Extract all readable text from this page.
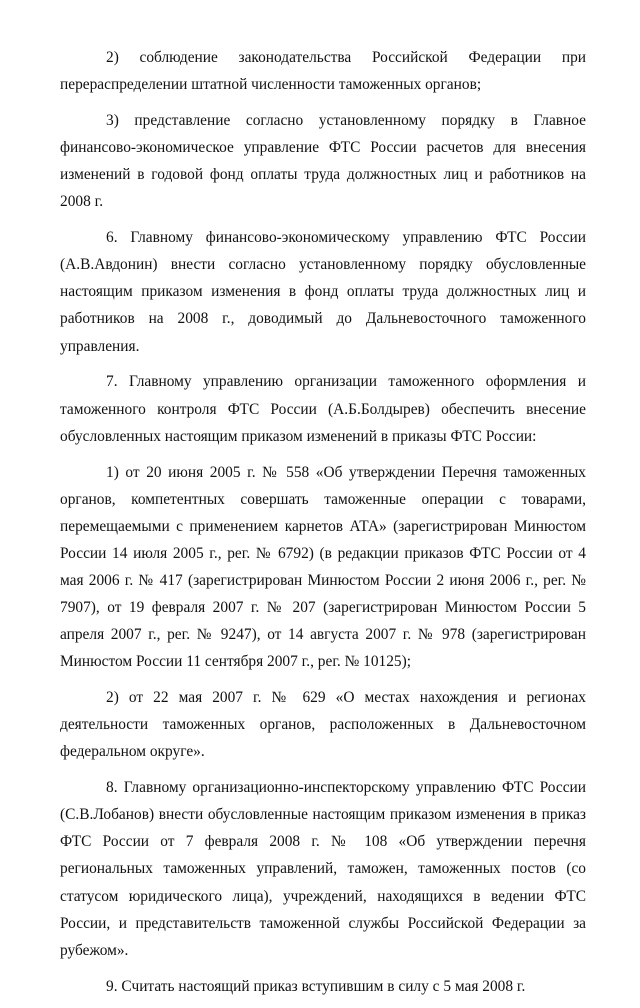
2) соблюдение законодательства Российской Федерации при перераспределении штатной численности таможенных органов;

3) представление согласно установленному порядку в Главное финансово-экономическое управление ФТС России расчетов для внесения изменений в годовой фонд оплаты труда должностных лиц и работников на 2008 г.

6. Главному финансово-экономическому управлению ФТС России (А.В.Авдонин) внести согласно установленному порядку обусловленные настоящим приказом изменения в фонд оплаты труда должностных лиц и работников на 2008 г., доводимый до Дальневосточного таможенного управления.

7. Главному управлению организации таможенного оформления и таможенного контроля ФТС России (А.Б.Болдырев) обеспечить внесение обусловленных настоящим приказом изменений в приказы ФТС России:

1) от 20 июня 2005 г. № 558 «Об утверждении Перечня таможенных органов, компетентных совершать таможенные операции с товарами, перемещаемыми с применением карнетов АТА» (зарегистрирован Минюстом России 14 июля 2005 г., рег. № 6792) (в редакции приказов ФТС России от 4 мая 2006 г. № 417 (зарегистрирован Минюстом России 2 июня 2006 г., рег. № 7907), от 19 февраля 2007 г. № 207 (зарегистрирован Минюстом России 5 апреля 2007 г., рег. № 9247), от 14 августа 2007 г. № 978 (зарегистрирован Минюстом России 11 сентября 2007 г., рег. № 10125);

2) от 22 мая 2007 г. № 629 «О местах нахождения и регионах деятельности таможенных органов, расположенных в Дальневосточном федеральном округе».

8. Главному организационно-инспекторскому управлению ФТС России (С.В.Лобанов) внести обусловленные настоящим приказом изменения в приказ ФТС России от 7 февраля 2008 г. № 108 «Об утверждении перечня региональных таможенных управлений, таможен, таможенных постов (со статусом юридического лица), учреждений, находящихся в ведении ФТС России, и представительств таможенной службы Российской Федерации за рубежом».

9. Считать настоящий приказ вступившим в силу с 5 мая 2008 г.
